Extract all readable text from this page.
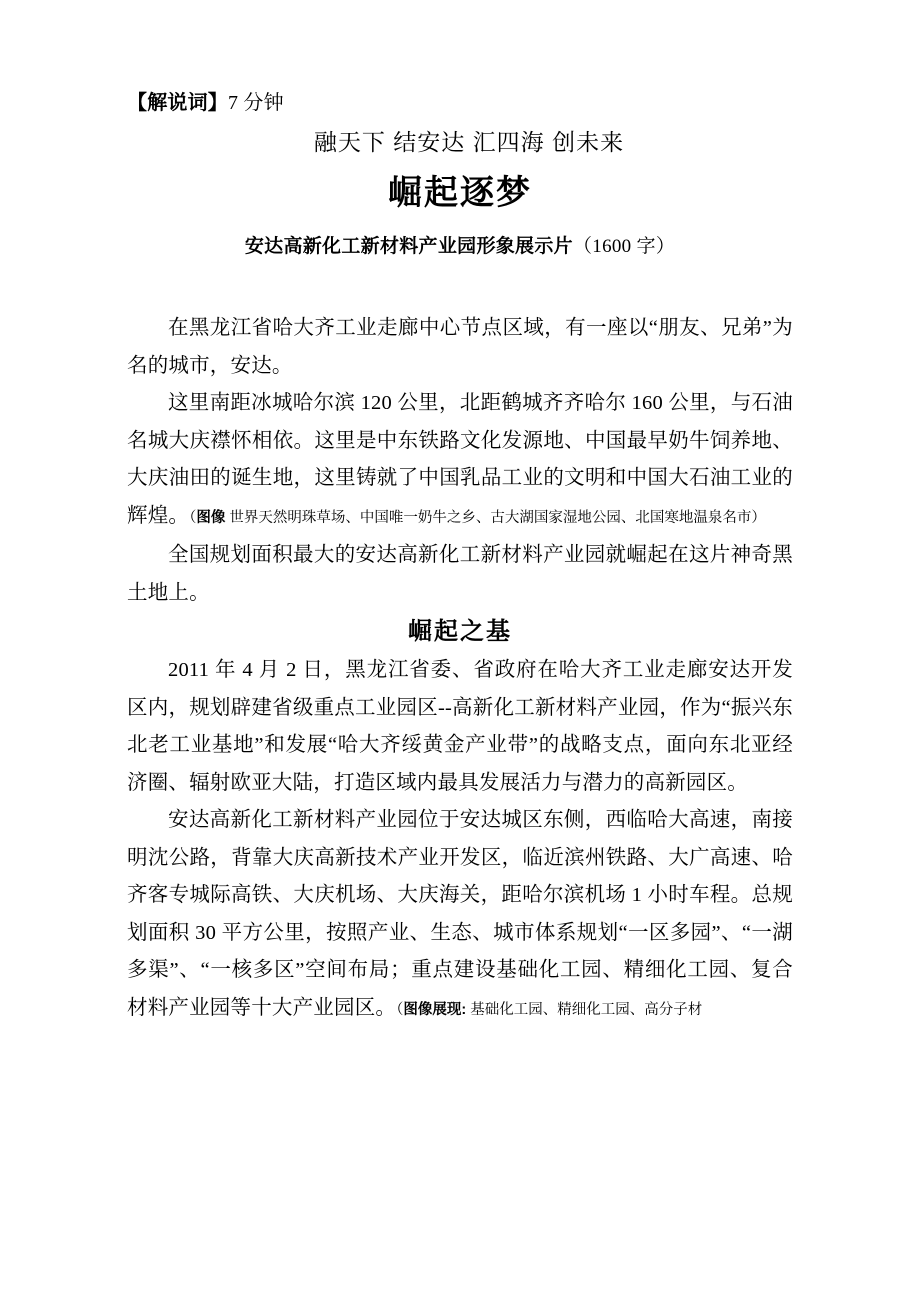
【解说词】7 分钟

融天下 结安达 汇四海 创未来

崛起逐梦

安达高新化工新材料产业园形象展示片（1600 字）

在黑龙江省哈大齐工业走廊中心节点区域，有一座以“朋友、兄弟”为名的城市，安达。

这里南距冰城哈尔滨 120 公里，北距鹤城齐齐哈尔 160 公里，与石油名城大庆襟怀相依。这里是中东铁路文化发源地、中国最早奶牛饲养地、大庆油田的诞生地，这里铸就了中国乳品工业的文明和中国大石油工业的辉煌。（图像 世界天然明珠草场、中国唯一奶牛之乡、古大湖国家湿地公园、北国寒地温泉名市）

全国规划面积最大的安达高新化工新材料产业园就崛起在这片神奇黑土地上。

崛起之基

2011 年 4 月 2 日，黑龙江省委、省政府在哈大齐工业走廊安达开发区内，规划辟建省级重点工业园区--高新化工新材料产业园，作为“振兴东北老工业基地”和发展“哈大齐绥黄金产业带”的战略支点，面向东北亚经济圈、辐射欧亚大陆，打造区域内最具发展活力与潜力的高新园区。

安达高新化工新材料产业园位于安达城区东侧，西临哈大高速，南接明沈公路，背靠大庆高新技术产业开发区，临近滨州铁路、大广高速、哈齐客专城际高铁、大庆机场、大庆海关，距哈尔滨机场 1 小时车程。总规划面积 30 平方公里，按照产业、生态、城市体系规划“一区多园”、“一湖多渠”、“一核多区”空间布局；重点建设基础化工园、精细化工园、复合材料产业园等十大产业园区。（图像展现: 基础化工园、精细化工园、高分子材
